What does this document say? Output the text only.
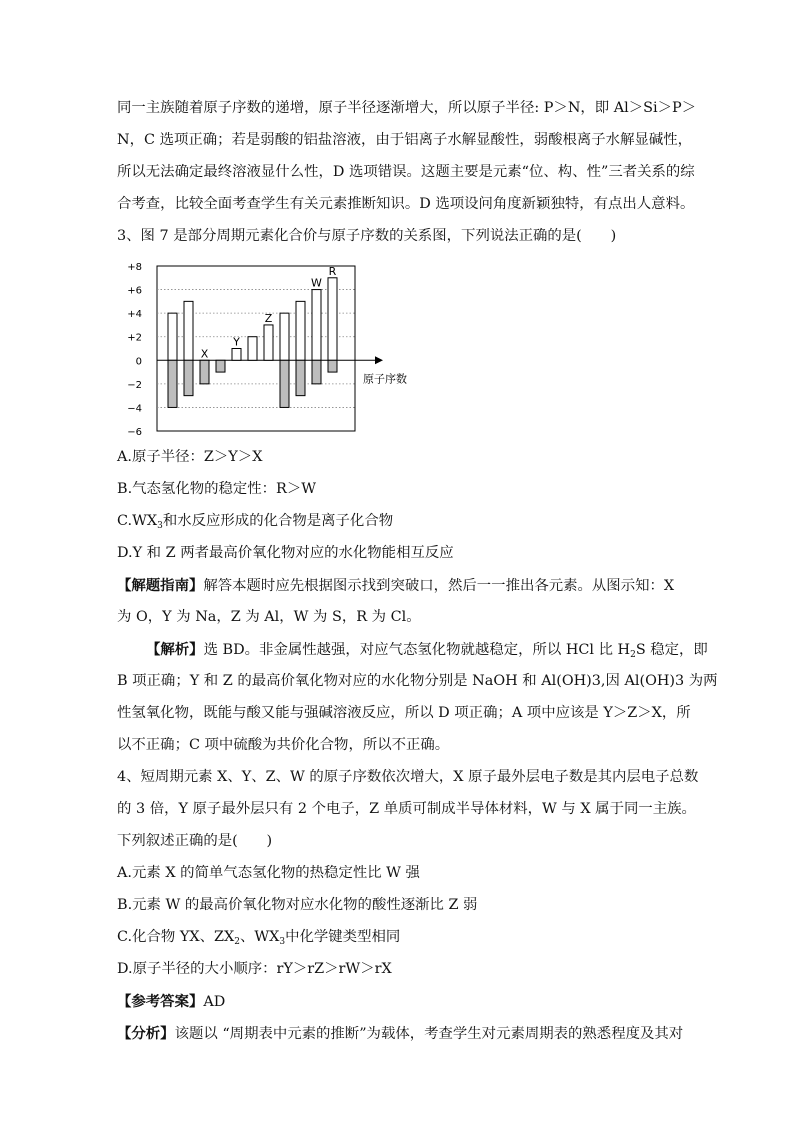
同一主族随着原子序数的递增，原子半径逐渐增大，所以原子半径: P＞N，即 Al＞Si＞P＞
N，C 选项正确；若是弱酸的铝盐溶液，由于铝离子水解显酸性，弱酸根离子水解显碱性，
所以无法确定最终溶液显什么性，D 选项错误。这题主要是元素“位、构、性”三者关系的综
合考查，比较全面考查学生有关元素推断知识。D 选项设问角度新颖独特，有点出人意料。
3、图 7 是部分周期元素化合价与原子序数的关系图，下列说法正确的是(　　)
+8
+6
+4
+2
0
−2
−4
−6
原子序数
X
Y
Z
W
R
A.原子半径：Z＞Y＞X
B.气态氢化物的稳定性：R＞W
$C.WX_3$和水反应形成的化合物是离子化合物
D.Y 和 Z 两者最高价氧化物对应的水化物能相互反应
【解题指南】解答本题时应先根据图示找到突破口，然后一一推出各元素。从图示知：X
为 O，Y 为 Na，Z 为 Al，W 为 S，R 为 Cl。
【解析】选 BD。非金属性越强，对应气态氢化物就越稳定，所以 HCl 比 $H_2S$ 稳定，即
B 项正确；Y 和 Z 的最高价氧化物对应的水化物分别是 NaOH 和 Al(OH)3,因 Al(OH)3 为两
性氢氧化物，既能与酸又能与强碱溶液反应，所以 D 项正确；A 项中应该是 Y＞Z＞X，所
以不正确；C 项中硫酸为共价化合物，所以不正确。
4、短周期元素 X、Y、Z、W 的原子序数依次增大，X 原子最外层电子数是其内层电子总数
的 3 倍，Y 原子最外层只有 2 个电子，Z 单质可制成半导体材料，W 与 X 属于同一主族。
下列叙述正确的是(　　)
A.元素 X 的简单气态氢化物的热稳定性比 W 强
B.元素 W 的最高价氧化物对应水化物的酸性逐渐比 Z 弱
C.化合物 YX、$ZX_2$、$WX_3$中化学键类型相同
D.原子半径的大小顺序：rY＞rZ＞rW＞rX
【参考答案】AD
【分析】该题以 “周期表中元素的推断”为载体，考查学生对元素周期表的熟悉程度及其对
